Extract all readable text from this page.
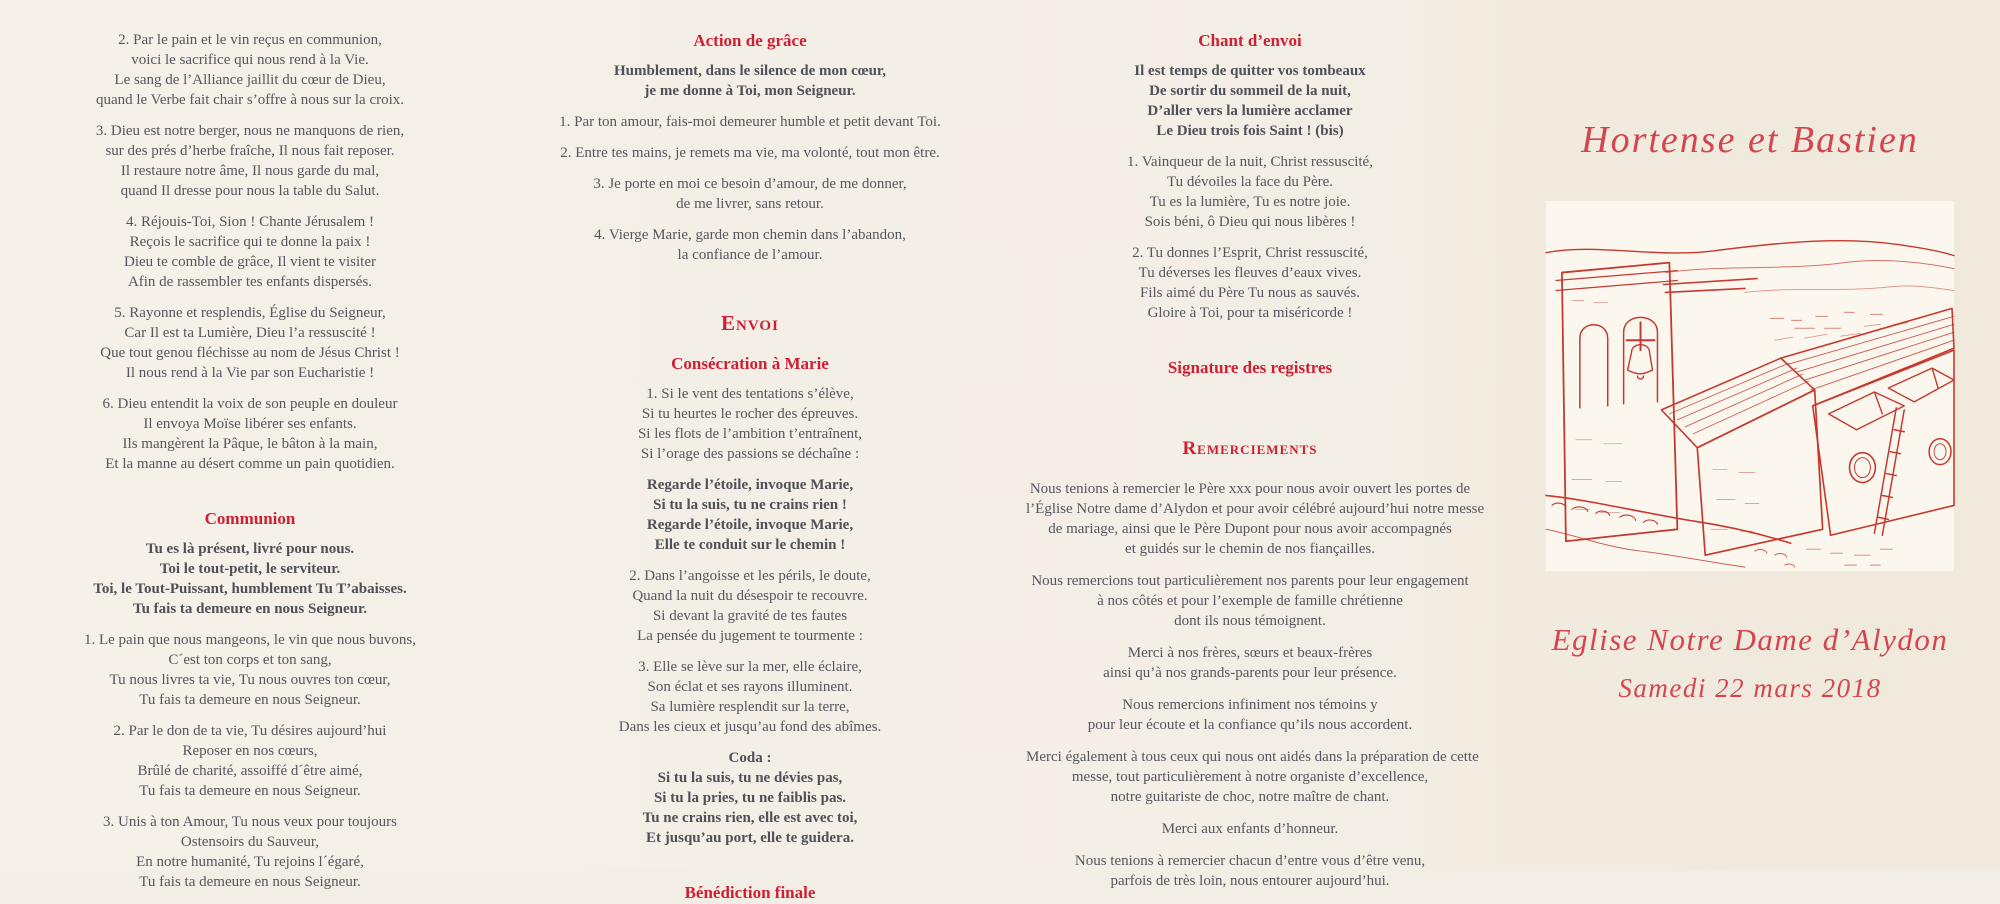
2. Par le pain et le vin reçus en communion,
voici le sacrifice qui nous rend à la Vie.
Le sang de l’Alliance jaillit du cœur de Dieu,
quand le Verbe fait chair s’offre à nous sur la croix.
3. Dieu est notre berger, nous ne manquons de rien,
sur des prés d’herbe fraîche, Il nous fait reposer.
Il restaure notre âme, Il nous garde du mal,
quand Il dresse pour nous la table du Salut.
4. Réjouis-Toi, Sion ! Chante Jérusalem !
Reçois le sacrifice qui te donne la paix !
Dieu te comble de grâce, Il vient te visiter
Afin de rassembler tes enfants dispersés.
5. Rayonne et resplendis, Église du Seigneur,
Car Il est ta Lumière, Dieu l’a ressuscité !
Que tout genou fléchisse au nom de Jésus Christ !
Il nous rend à la Vie par son Eucharistie !
6. Dieu entendit la voix de son peuple en douleur
Il envoya Moïse libérer ses enfants.
Ils mangèrent la Pâque, le bâton à la main,
Et la manne au désert comme un pain quotidien.
Communion
Tu es là présent, livré pour nous.
Toi le tout-petit, le serviteur.
Toi, le Tout-Puissant, humblement Tu T’abaisses.
Tu fais ta demeure en nous Seigneur.
1. Le pain que nous mangeons, le vin que nous buvons,
C´est ton corps et ton sang,
Tu nous livres ta vie, Tu nous ouvres ton cœur,
Tu fais ta demeure en nous Seigneur.
2. Par le don de ta vie, Tu désires aujourd’hui
Reposer en nos cœurs,
Brûlé de charité, assoiffé d´être aimé,
Tu fais ta demeure en nous Seigneur.
3. Unis à ton Amour, Tu nous veux pour toujours
Ostensoirs du Sauveur,
En notre humanité, Tu rejoins l´égaré,
Tu fais ta demeure en nous Seigneur.
Action de grâce
Humblement, dans le silence de mon cœur,
je me donne à Toi, mon Seigneur.
1. Par ton amour, fais-moi demeurer humble et petit devant Toi.
2. Entre tes mains, je remets ma vie, ma volonté, tout mon être.
3. Je porte en moi ce besoin d’amour, de me donner,
de me livrer, sans retour.
4. Vierge Marie, garde mon chemin dans l’abandon,
la confiance de l’amour.
Envoi
Consécration à Marie
1. Si le vent des tentations s’élève,
Si tu heurtes le rocher des épreuves.
Si les flots de l’ambition t’entraînent,
Si l’orage des passions se déchaîne :
Regarde l’étoile, invoque Marie,
Si tu la suis, tu ne crains rien !
Regarde l’étoile, invoque Marie,
Elle te conduit sur le chemin !
2. Dans l’angoisse et les périls, le doute,
Quand la nuit du désespoir te recouvre.
Si devant la gravité de tes fautes
La pensée du jugement te tourmente :
3. Elle se lève sur la mer, elle éclaire,
Son éclat et ses rayons illuminent.
Sa lumière resplendit sur la terre,
Dans les cieux et jusqu’au fond des abîmes.
Coda :
Si tu la suis, tu ne dévies pas,
Si tu la pries, tu ne faiblis pas.
Tu ne crains rien, elle est avec toi,
Et jusqu’au port, elle te guidera.
Bénédiction finale
Chant d’envoi
Il est temps de quitter vos tombeaux
De sortir du sommeil de la nuit,
D’aller vers la lumière acclamer
Le Dieu trois fois Saint ! (bis)
1. Vainqueur de la nuit, Christ ressuscité,
Tu dévoiles la face du Père.
Tu es la lumière, Tu es notre joie.
Sois béni, ô Dieu qui nous libères !
2. Tu donnes l’Esprit, Christ ressuscité,
Tu déverses les fleuves d’eaux vives.
Fils aimé du Père Tu nous as sauvés.
Gloire à Toi, pour ta miséricorde !
Signature des registres
Remerciements
Nous tenions à remercier le Père xxx pour nous avoir ouvert les portes de
l’Église Notre dame d’Alydon et pour avoir célébré aujourd’hui notre messe
de mariage, ainsi que le Père Dupont pour nous avoir accompagnés
et guidés sur le chemin de nos fiançailles.
Nous remercions tout particulièrement nos parents pour leur engagement
à nos côtés et pour l’exemple de famille chrétienne
dont ils nous témoignent.
Merci à nos frères, sœurs et beaux-frères
ainsi qu’à nos grands-parents pour leur présence.
Nous remercions infiniment nos témoins y
pour leur écoute et la confiance qu’ils nous accordent.
Merci également à tous ceux qui nous ont aidés dans la préparation de cette
messe, tout particulièrement à notre organiste d’excellence,
notre guitariste de choc, notre maître de chant.
Merci aux enfants d’honneur.
Nous tenions à remercier chacun d’entre vous d’être venu,
parfois de très loin, nous entourer aujourd’hui.
Hortense et Bastien
Eglise Notre Dame d’Alydon
Samedi 22 mars 2018
